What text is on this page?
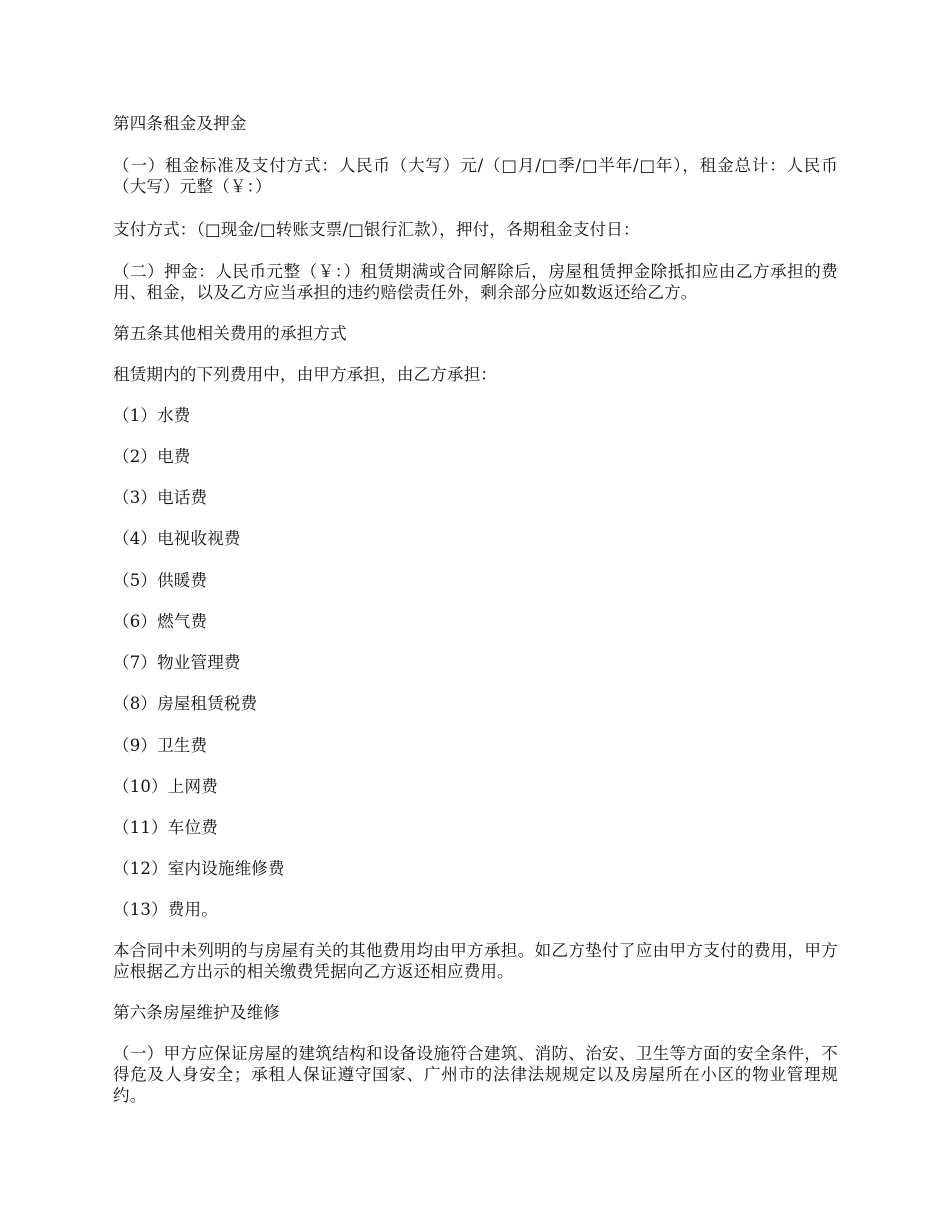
第四条租金及押金

（一）租金标准及支付方式：人民币（大写）元/（□月/□季/□半年/□年），租金总计：人民币（大写）元整（￥：）

支付方式：（□现金/□转账支票/□银行汇款），押付，各期租金支付日：

（二）押金：人民币元整（￥：）租赁期满或合同解除后，房屋租赁押金除抵扣应由乙方承担的费用、租金，以及乙方应当承担的违约赔偿责任外，剩余部分应如数返还给乙方。

第五条其他相关费用的承担方式

租赁期内的下列费用中，由甲方承担，由乙方承担：

（1）水费

（2）电费

（3）电话费

（4）电视收视费

（5）供暖费

（6）燃气费

（7）物业管理费

（8）房屋租赁税费

（9）卫生费

（10）上网费

（11）车位费

（12）室内设施维修费

（13）费用。

本合同中未列明的与房屋有关的其他费用均由甲方承担。如乙方垫付了应由甲方支付的费用，甲方应根据乙方出示的相关缴费凭据向乙方返还相应费用。

第六条房屋维护及维修

（一）甲方应保证房屋的建筑结构和设备设施符合建筑、消防、治安、卫生等方面的安全条件，不得危及人身安全；承租人保证遵守国家、广州市的法律法规规定以及房屋所在小区的物业管理规约。
